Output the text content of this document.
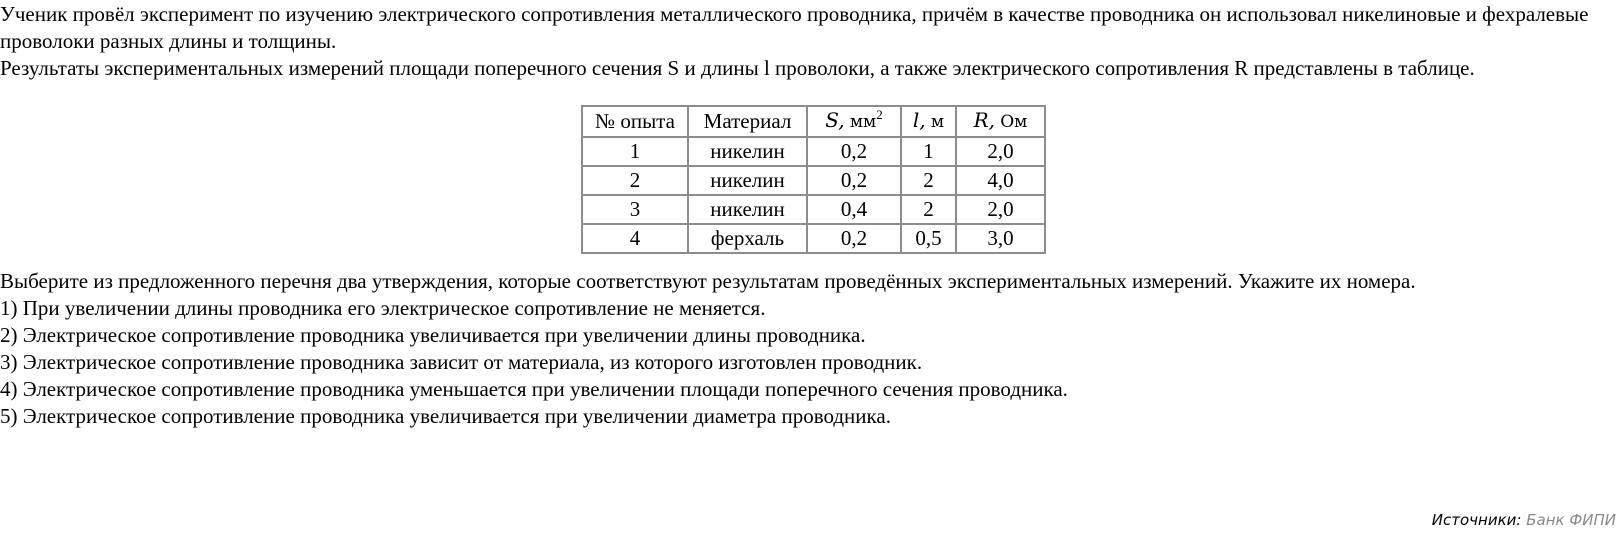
Ученик провёл эксперимент по изучению электрического сопротивления металлического проводника, причём в качестве проводника он использовал никелиновые и фехралевые проволоки разных длины и толщины.

Результаты экспериментальных измерений площади поперечного сечения S и длины l проволоки, а также электрического сопротивления R представлены в таблице.

№ опыта	Материал	S, $мм^2$	l, м	R, Ом
1	никелин	0,2	1	2,0
2	никелин	0,2	2	4,0
3	никелин	0,4	2	2,0
4	ферхаль	0,2	0,5	3,0

Выберите из предложенного перечня два утверждения, которые соответствуют результатам проведённых экспериментальных измерений. Укажите их номера.

1) При увеличении длины проводника его электрическое сопротивление не меняется.

2) Электрическое сопротивление проводника увеличивается при увеличении длины проводника.

3) Электрическое сопротивление проводника зависит от материала, из которого изготовлен проводник.

4) Электрическое сопротивление проводника уменьшается при увеличении площади поперечного сечения проводника.

5) Электрическое сопротивление проводника увеличивается при увеличении диаметра проводника.

Источники: Банк ФИПИ
